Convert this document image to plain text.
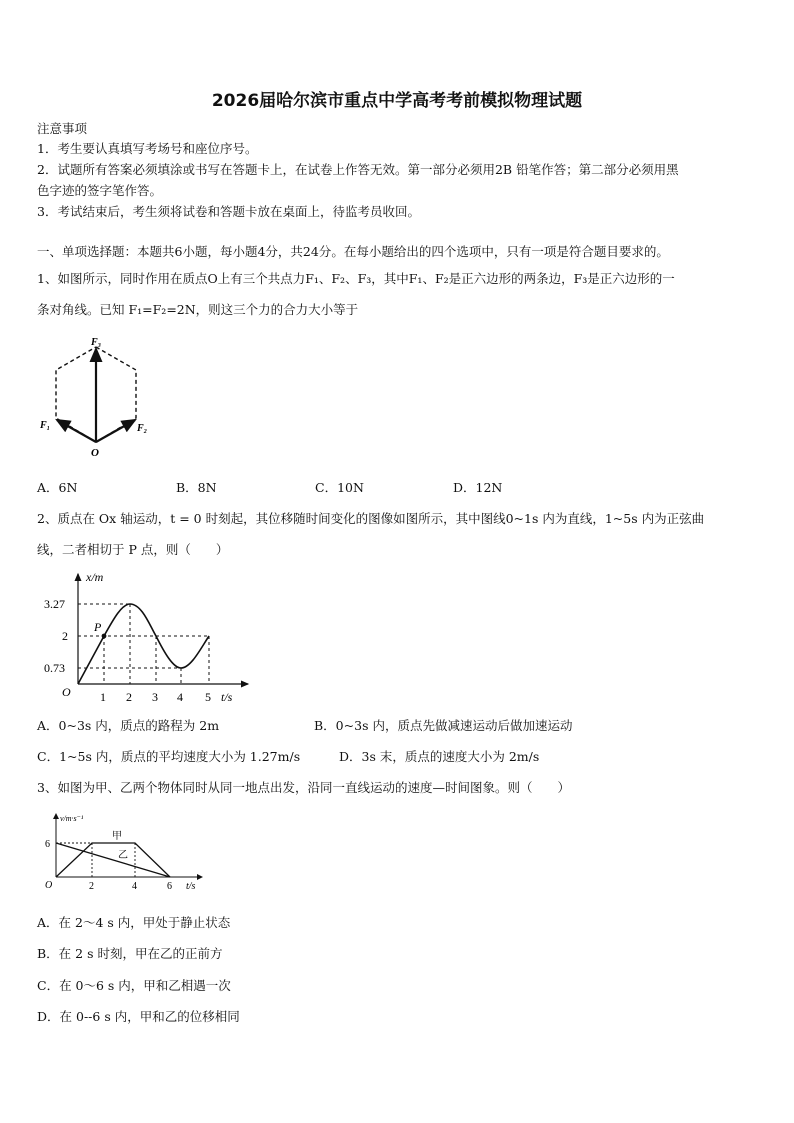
2026届哈尔滨市重点中学高考考前模拟物理试题
注意事项
1．考生要认真填写考场号和座位序号。
2．试题所有答案必须填涂或书写在答题卡上，在试卷上作答无效。第一部分必须用2B 铅笔作答；第二部分必须用黑
色字迹的签字笔作答。
3．考试结束后，考生须将试卷和答题卡放在桌面上，待监考员收回。
一、单项选择题：本题共6小题，每小题4分，共24分。在每小题给出的四个选项中，只有一项是符合题目要求的。
1、如图所示，同时作用在质点O上有三个共点力F₁、F₂、F₃，其中F₁、F₂是正六边形的两条边，F₃是正六边形的一
条对角线。已知 F₁=F₂=2N，则这三个力的合力大小等于
F₃
F₁	F₂
O
A．6N	B．8N	C．10N	D．12N
2、质点在 Ox 轴运动，t = 0 时刻起，其位移随时间变化的图像如图所示，其中图线0~1s 内为直线，1~5s 内为正弦曲
线，二者相切于 P 点，则（　　）
P
x/m
t/s
O
3.27
2
0.73
1 2 3 4 5
A．0~3s 内，质点的路程为 2m	B．0~3s 内，质点先做减速运动后做加速运动
C．1~5s 内，质点的平均速度大小为 1.27m/s	D．3s 末，质点的速度大小为 2m/s
3、如图为甲、乙两个物体同时从同一地点出发，沿同一直线运动的速度—时间图象。则（　　）
v/m·s⁻¹
甲
乙
6
O	2	4	6 t/s
A．在 2～4 s 内，甲处于静止状态
B．在 2 s 时刻，甲在乙的正前方
C．在 0～6 s 内，甲和乙相遇一次
D．在 0--6 s 内，甲和乙的位移相同
